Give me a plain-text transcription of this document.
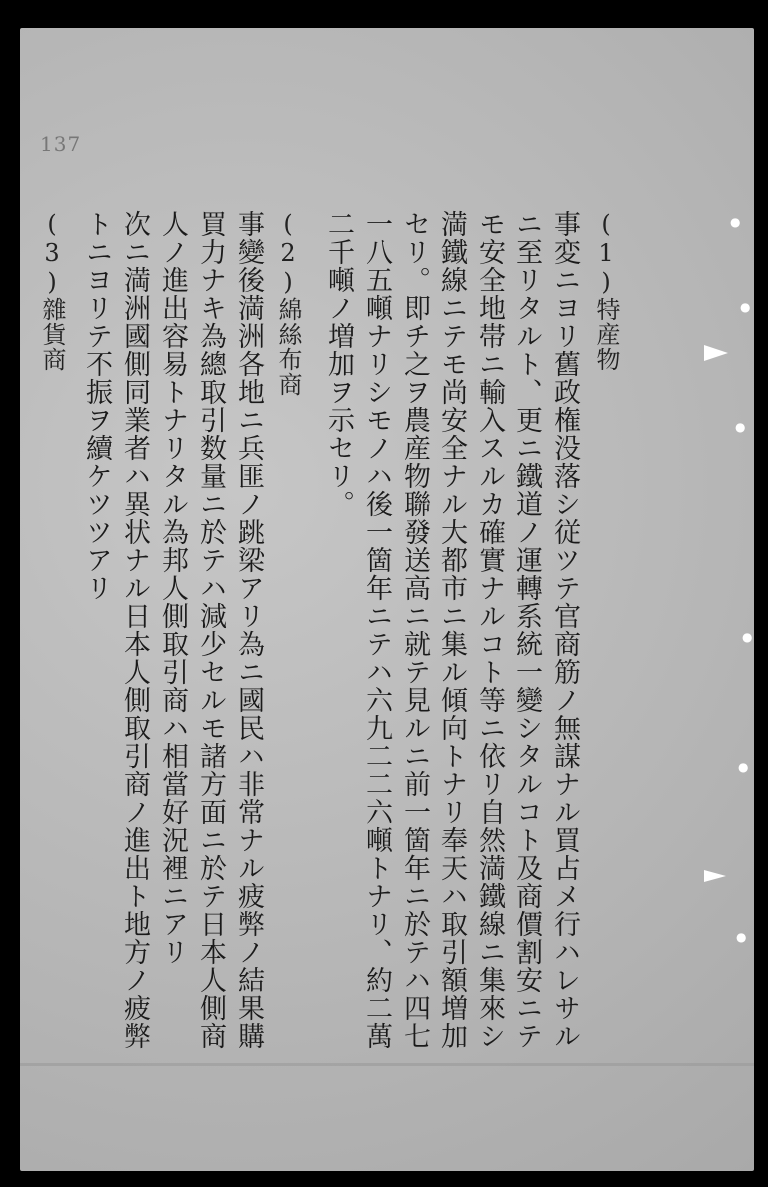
137
(1)特産物
事変ニヨリ舊政権没落シ従ツテ官商筋ノ無謀ナル買占メ行ハレサル
ニ至リタルト、更ニ鐵道ノ運轉系統一變シタルコト及商價割安ニテ
モ安全地帯ニ輸入スルカ確實ナルコト等ニ依リ自然満鐵線ニ集來シ
満鐵線ニテモ尚安全ナル大都市ニ集ル傾向トナリ奉天ハ取引額増加
セリ。即チ之ヲ農産物聯發送高ニ就テ見ルニ前一箇年ニ於テハ四七
一八五噸ナリシモノハ後一箇年ニテハ六九二二六噸トナリ、約二萬
二千噸ノ増加ヲ示セリ。
(2)綿絲布商
事變後満洲各地ニ兵匪ノ跳梁アリ為ニ國民ハ非常ナル疲弊ノ結果購
買力ナキ為總取引数量ニ於テハ減少セルモ諸方面ニ於テ日本人側商
人ノ進出容易トナリタル為邦人側取引商ハ相當好況裡ニアリ
次ニ満洲國側同業者ハ異状ナル日本人側取引商ノ進出ト地方ノ疲弊
トニヨリテ不振ヲ續ケツツアリ
(3)雜貨商	●
●
●
●
●
●
